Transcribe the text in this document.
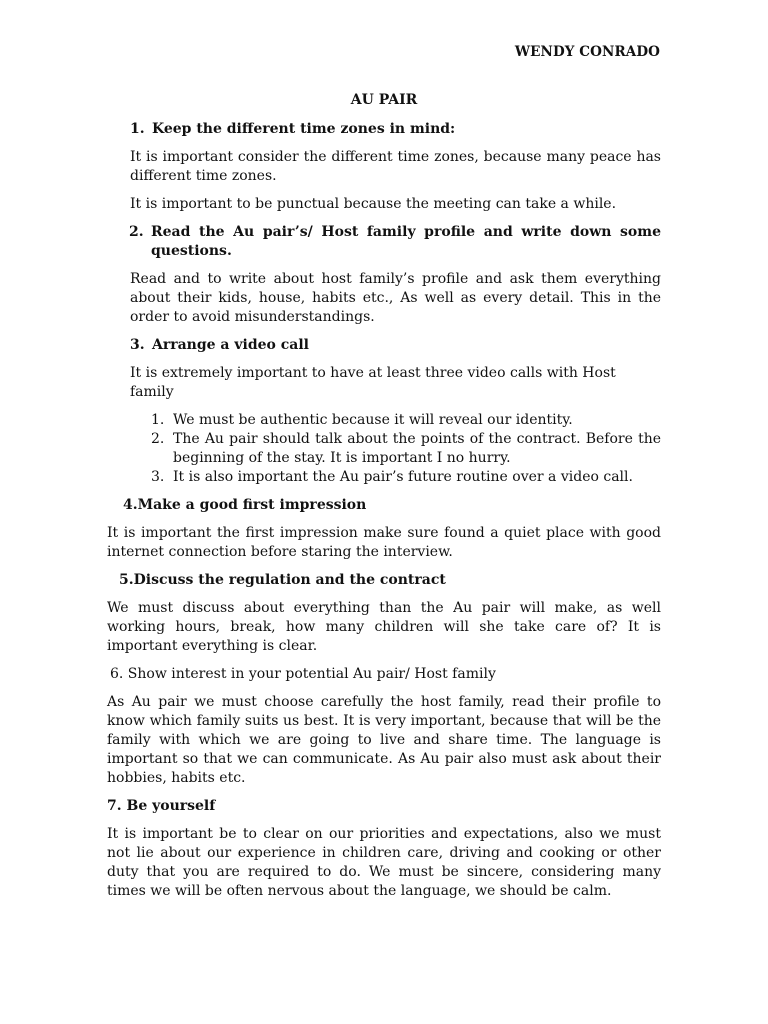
WENDY CONRADO
AU PAIR
1. Keep the different time zones in mind:
It is important consider the different time zones, because many peace has different time zones.
It is important to be punctual because the meeting can take a while.
2. Read the Au pair’s/ Host family profile and write down some questions.
Read and to write about host family’s profile and ask them everything about their kids, house, habits etc., As well as every detail. This in the order to avoid misunderstandings.
3. Arrange a video call
It is extremely important to have at least three video calls with Host family
1. We must be authentic because it will reveal our identity.
2. The Au pair should talk about the points of the contract. Before the beginning of the stay. It is important I no hurry.
3. It is also important the Au pair’s future routine over a video call.
4.Make a good first impression
It is important the first impression make sure found a quiet place with good internet connection before staring the interview.
5.Discuss the regulation and the contract
We must discuss about everything than the Au pair will make, as well working hours, break, how many children will she take care of? It is important everything is clear.
6. Show interest in your potential Au pair/ Host family
As Au pair we must choose carefully the host family, read their profile to know which family suits us best. It is very important, because that will be the family with which we are going to live and share time. The language is important so that we can communicate. As Au pair also must ask about their hobbies, habits etc.
7. Be yourself
It is important be to clear on our priorities and expectations, also we must not lie about our experience in children care, driving and cooking or other duty that you are required to do. We must be sincere, considering many times we will be often nervous about the language, we should be calm.
